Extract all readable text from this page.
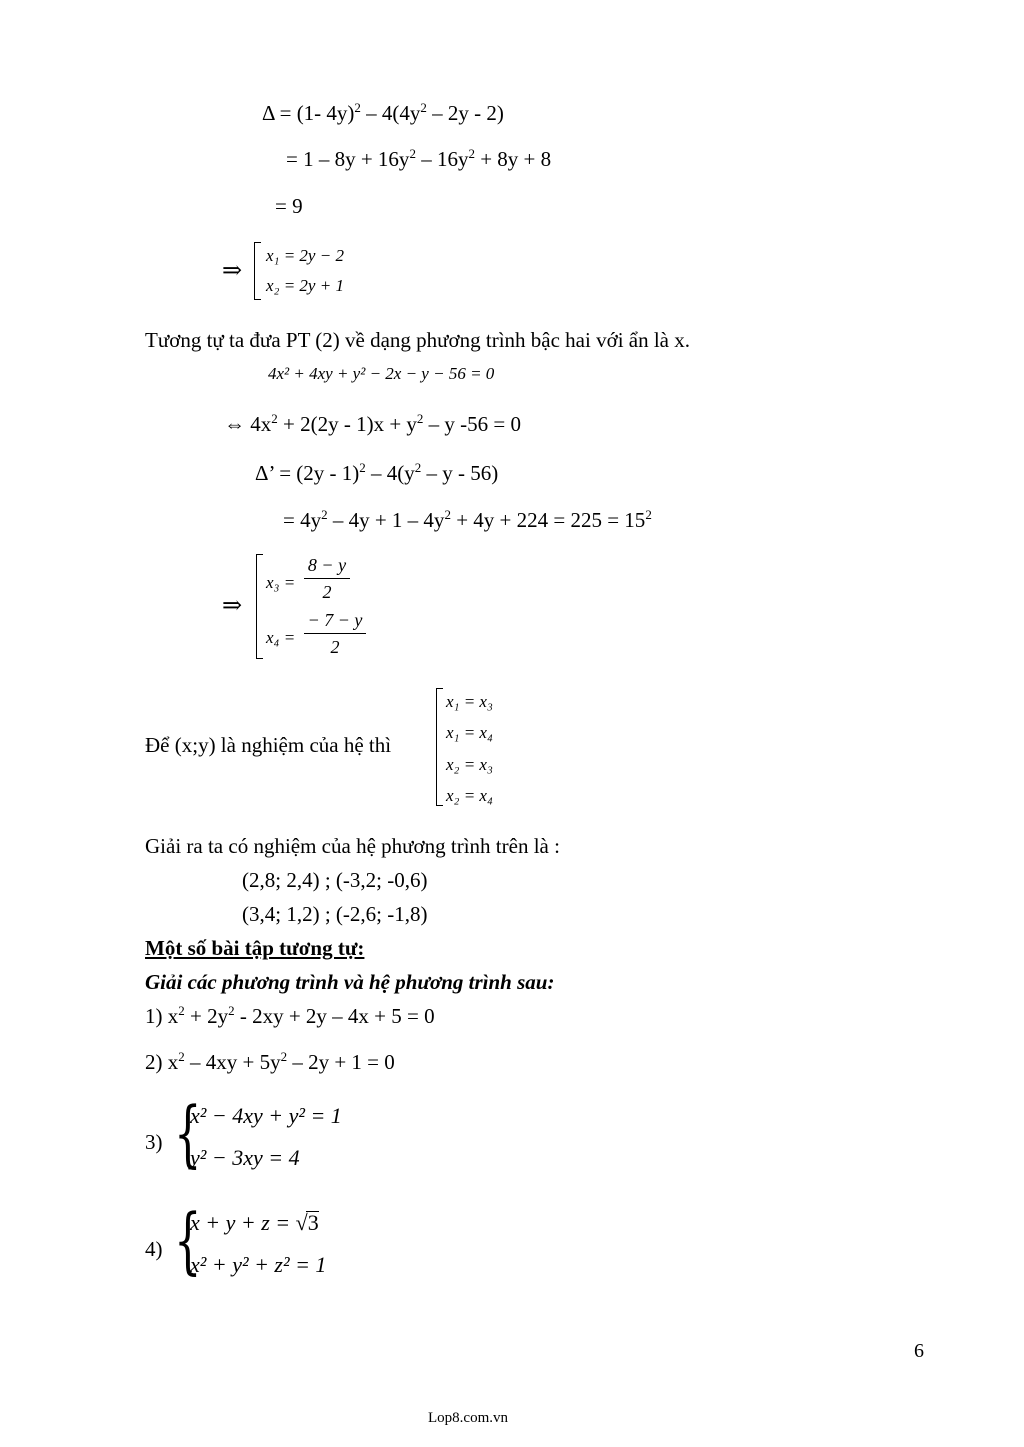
Δ = (1- $4y)^2 - 4(4y^2 - 2y - 2)$
= $1 - 8y + 16y^2 - 16y^2 + 8y + 8$
= 9
⇒
x₁ = 2y − 2
x₂ = 2y + 1
Tương tự ta đưa PT (2) về dạng phương trình bậc hai với ẩn là x.
4x² + 4xy + y² − 2x − y − 56 = 0
⇔ $4x^2 + 2(2y - 1)x + y^2 - y$ -56 = 0
Δ’ = $(2y - 1)^2 - 4(y^2$ – y - 56)
= $4y^2 - 4y + 1 - 4y^2 + 4y + 224 = 225 = 15^2$
⇒
x₃ =
8 − y
2
x₄ =
− 7 − y
2
Để (x;y) là nghiệm của hệ thì
x₁ = x₃
x₁ = x₄
x₂ = x₃
x₂ = x₄
Giải ra ta có nghiệm của hệ phương trình trên là :
(2,8; 2,4) ; (-3,2; -0,6)
(3,4; 1,2) ; (-2,6; -1,8)
Một số bài tập tương tự:
Giải các phương trình và hệ phương trình sau:
1) $x^2 + 2y^2 - 2xy + 2y - 4x + 5 = 0$
2) $x^2 - 4xy + 5y^2 - 2y + 1 = 0$
3) {
x² − 4xy + y² = 1
y² − 3xy = 4
4) {
x + y + z = √3
x² + y² + z² = 1
6
Lop8.com.vn
